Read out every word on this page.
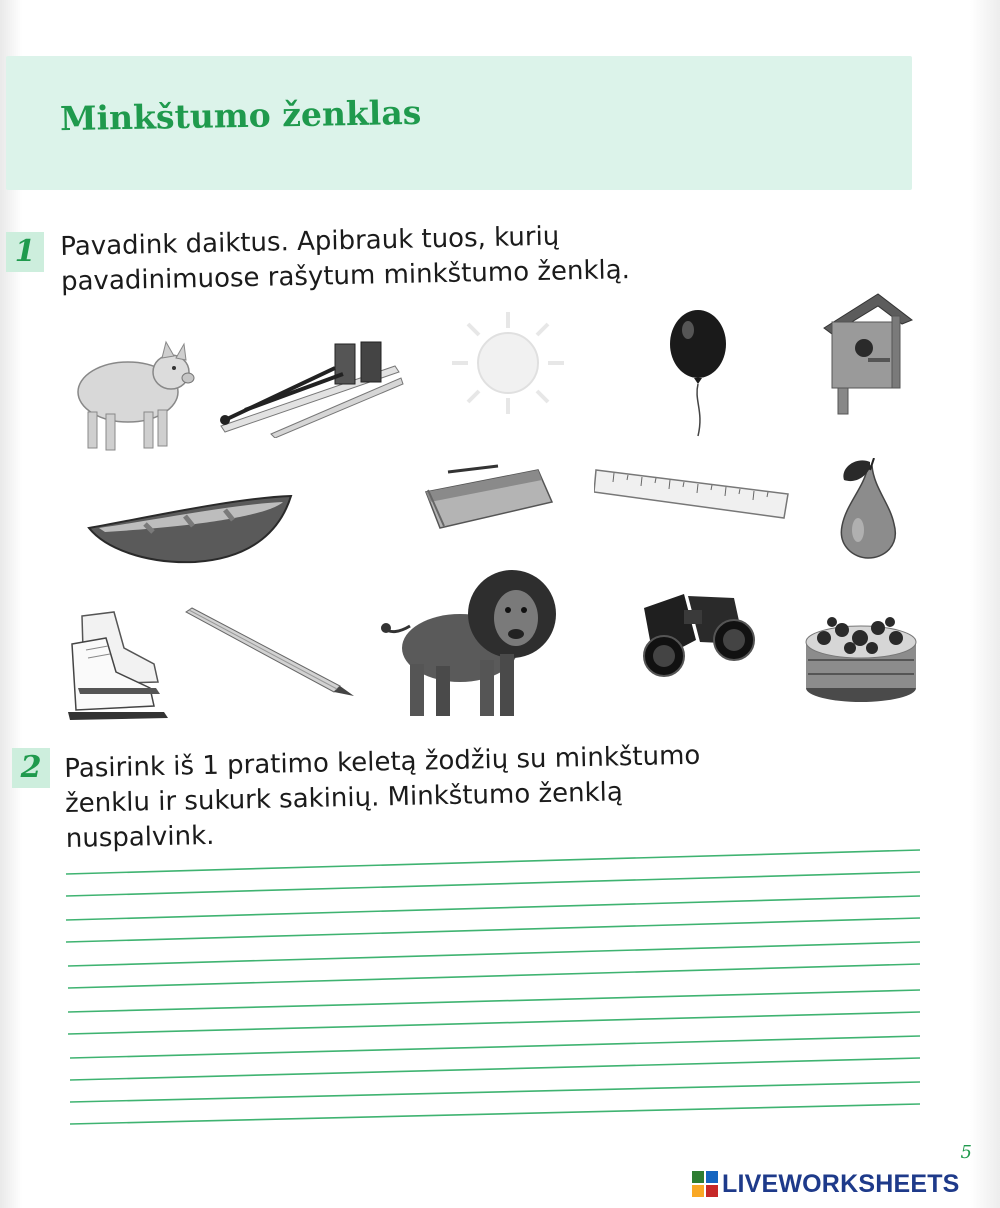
Minkštumo ženklas
1 Pavadink daiktus. Apibrauk tuos, kurių
pavadinimuose rašytum minkštumo ženklą.
2 Pasirink iš 1 pratimo keletą žodžių su minkštumo
ženklu ir sukurk sakinių. Minkštumo ženklą
nuspalvink.
5
LIVEWORKSHEETS
